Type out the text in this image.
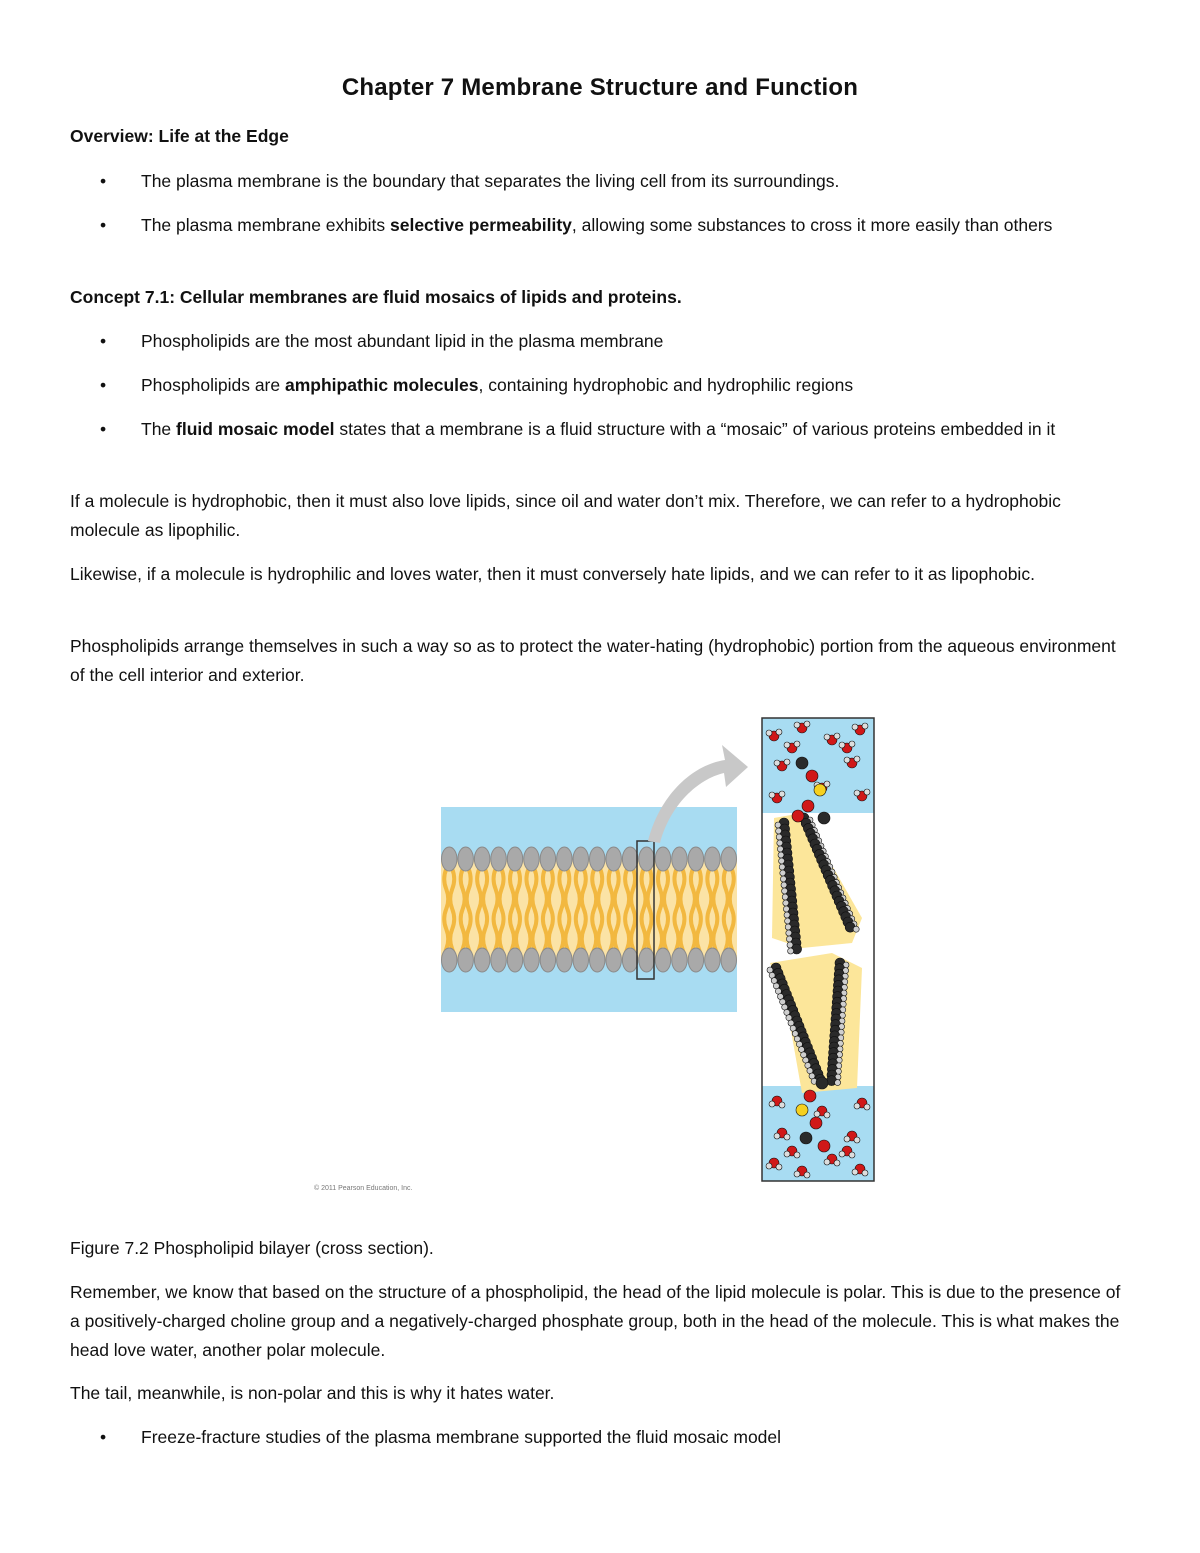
Chapter 7 Membrane Structure and Function

Overview: Life at the Edge

• The plasma membrane is the boundary that separates the living cell from its surroundings.

• The plasma membrane exhibits selective permeability, allowing some substances to cross it more easily than others

Concept 7.1: Cellular membranes are fluid mosaics of lipids and proteins.

• Phospholipids are the most abundant lipid in the plasma membrane

• Phospholipids are amphipathic molecules, containing hydrophobic and hydrophilic regions

• The fluid mosaic model states that a membrane is a fluid structure with a “mosaic” of various proteins embedded in it

If a molecule is hydrophobic, then it must also love lipids, since oil and water don’t mix. Therefore, we can refer to a hydrophobic molecule as lipophilic.

Likewise, if a molecule is hydrophilic and loves water, then it must conversely hate lipids, and we can refer to it as lipophobic.

Phospholipids arrange themselves in such a way so as to protect the water-hating (hydrophobic) portion from the aqueous environment of the cell interior and exterior.

© 2011 Pearson Education, Inc.

Figure 7.2 Phospholipid bilayer (cross section).

Remember, we know that based on the structure of a phospholipid, the head of the lipid molecule is polar. This is due to the presence of a positively-charged choline group and a negatively-charged phosphate group, both in the head of the molecule. This is what makes the head love water, another polar molecule.

The tail, meanwhile, is non-polar and this is why it hates water.

• Freeze-fracture studies of the plasma membrane supported the fluid mosaic model
